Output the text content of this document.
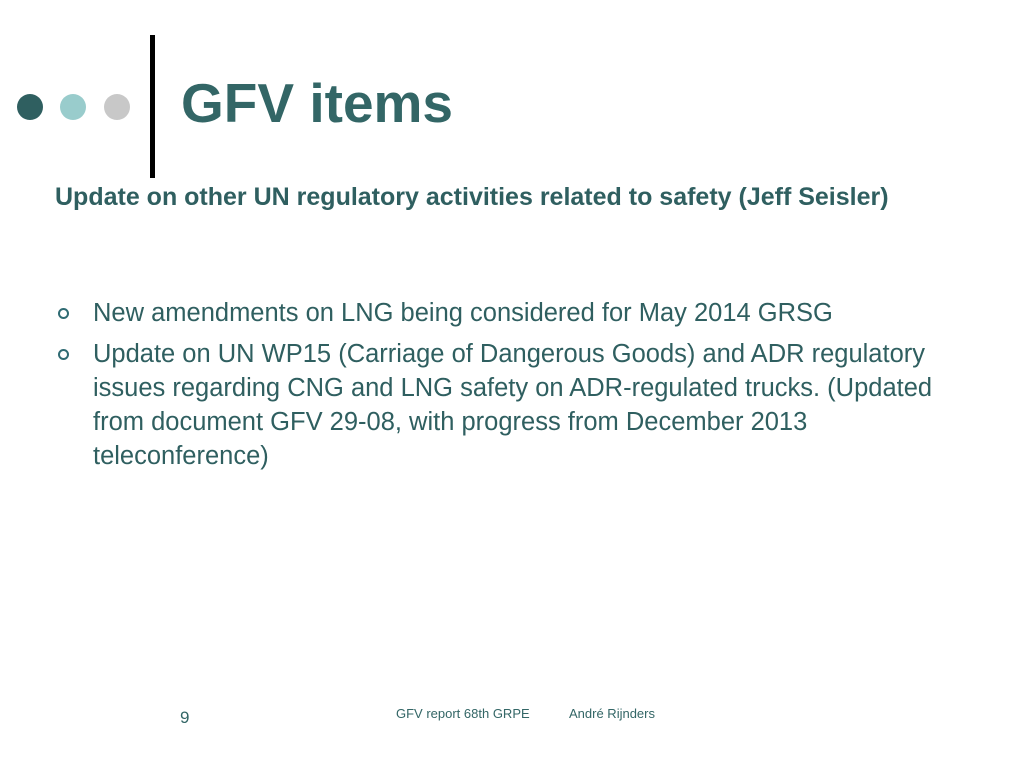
GFV items

Update on other UN regulatory activities related to safety (Jeff Seisler)

New amendments on LNG being considered for May 2014 GRSG
Update on UN WP15 (Carriage of Dangerous Goods) and ADR regulatory issues regarding CNG and LNG safety on ADR-regulated trucks. (Updated from document GFV 29-08, with progress from December 2013 teleconference)
9	GFV report 68th GRPE	André Rijnders
